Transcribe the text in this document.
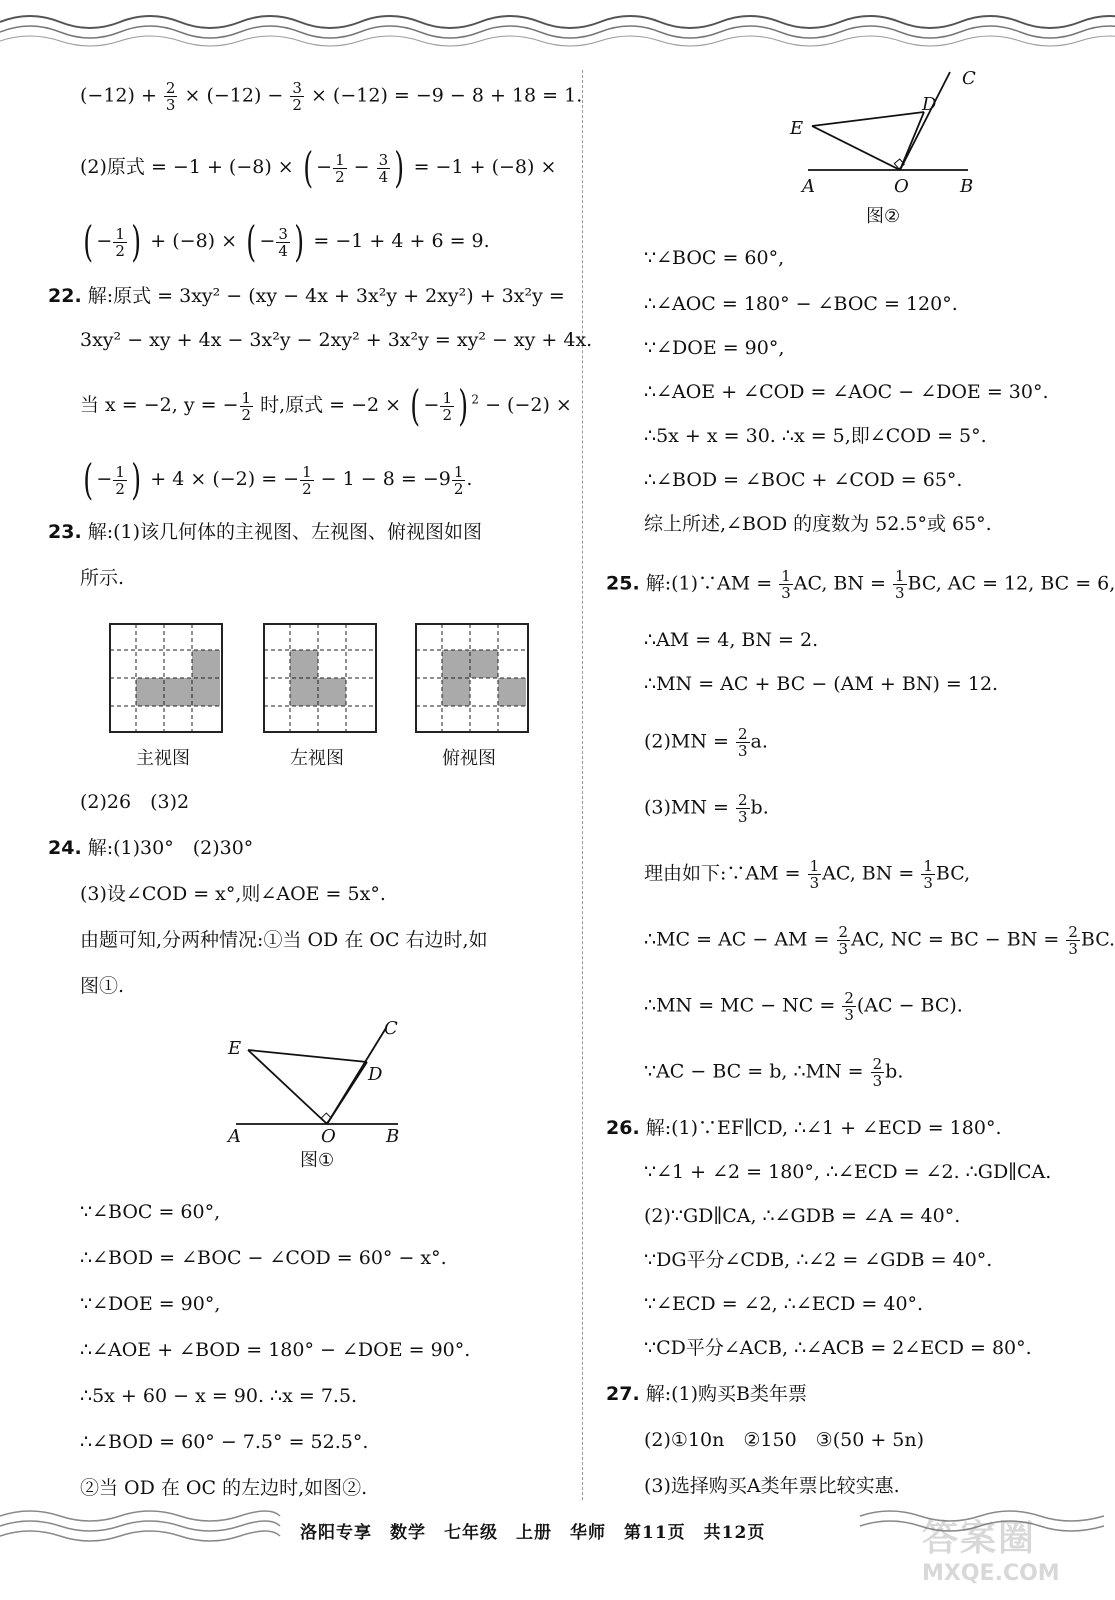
$(-12) + \frac{2}{3} \times (-12) - \frac{3}{2} \times (-12) = -9 - 8 + 18 = 1$.
(2)原式 = −1 + (−8) × ( − $\frac{1}{2} - \frac{3}{4}$ ) = −1 + (−8) ×
( − $\frac{1}{2}$ ) + (−8) × ( − $\frac{3}{4}$ ) = −1 + 4 + 6 = 9.
22. 解:原式 = 3xy² − (xy − 4x + 3x²y + 2xy²) + 3x²y =
3xy² − xy + 4x − 3x²y − 2xy² + 3x²y = xy² − xy + 4x.
当 x = −2, y = − $\frac{1}{2}$ 时,原式 = −2 × ( − $\frac{1}{2}$ ) $^2$ − (−2) ×
( − $\frac{1}{2}$ ) + 4 × (−2) = − $\frac{1}{2} - 1 - 8 = -9 \frac{1}{2}$ .
23. 解:(1)该几何体的主视图、左视图、俯视图如图
所示.
主视图	左视图	俯视图
(2)26　(3)2
24. 解:(1)30°　(2)30°
(3)设∠COD = x°,则∠AOE = 5x°.
由题可知,分两种情况:①当 OD 在 OC 右边时,如
图①.
A	O	B
C
D
E
图①
∵∠BOC = 60°,
∴∠BOD = ∠BOC − ∠COD = 60° − x°.
∵∠DOE = 90°,
∴∠AOE + ∠BOD = 180° − ∠DOE = 90°.
∴5x + 60 − x = 90. ∴x = 7.5.
∴∠BOD = 60° − 7.5° = 52.5°.
②当 OD 在 OC 的左边时,如图②.
A	O	B
C
D
E
图②
∵∠BOC = 60°,
∴∠AOC = 180° − ∠BOC = 120°.
∵∠DOE = 90°,
∴∠AOE + ∠COD = ∠AOC − ∠DOE = 30°.
∴5x + x = 30. ∴x = 5,即∠COD = 5°.
∴∠BOD = ∠BOC + ∠COD = 65°.
综上所述,∠BOD 的度数为 52.5°或 65°.
25. 解:(1)∵AM = $\frac{1}{3}$ AC, BN = $\frac{1}{3}$ BC, AC = 12, BC = 6,
∴AM = 4, BN = 2.
∴MN = AC + BC − (AM + BN) = 12.
$(2)MN = \frac{2}{3} a$.
$(3)MN = \frac{2}{3} b$.
理由如下:∵AM = $\frac{1}{3}$ AC, BN = $\frac{1}{3}$ BC,
∴MC = AC − AM = $\frac{2}{3}$ AC, NC = BC − BN = $\frac{2}{3}$ BC.
∴MN = MC − NC = $\frac{2}{3} (AC - BC)$.
∵AC − BC = b, ∴MN = $\frac{2}{3} b$.
26. 解:(1)∵EF∥CD, ∴∠1 + ∠ECD = 180°.
∵∠1 + ∠2 = 180°, ∴∠ECD = ∠2. ∴GD∥CA.
(2)∵GD∥CA, ∴∠GDB = ∠A = 40°.
∵DG平分∠CDB, ∴∠2 = ∠GDB = 40°.
∵∠ECD = ∠2, ∴∠ECD = 40°.
∵CD平分∠ACB, ∴∠ACB = 2∠ECD = 80°.
27. 解:(1)购买B类年票
(2)①10n　②150　③(50 + 5n)
(3)选择购买A类年票比较实惠.
洛阳专享　数学　七年级　上册　华师　第11页　共12页	答案圈
MXQE.COM
